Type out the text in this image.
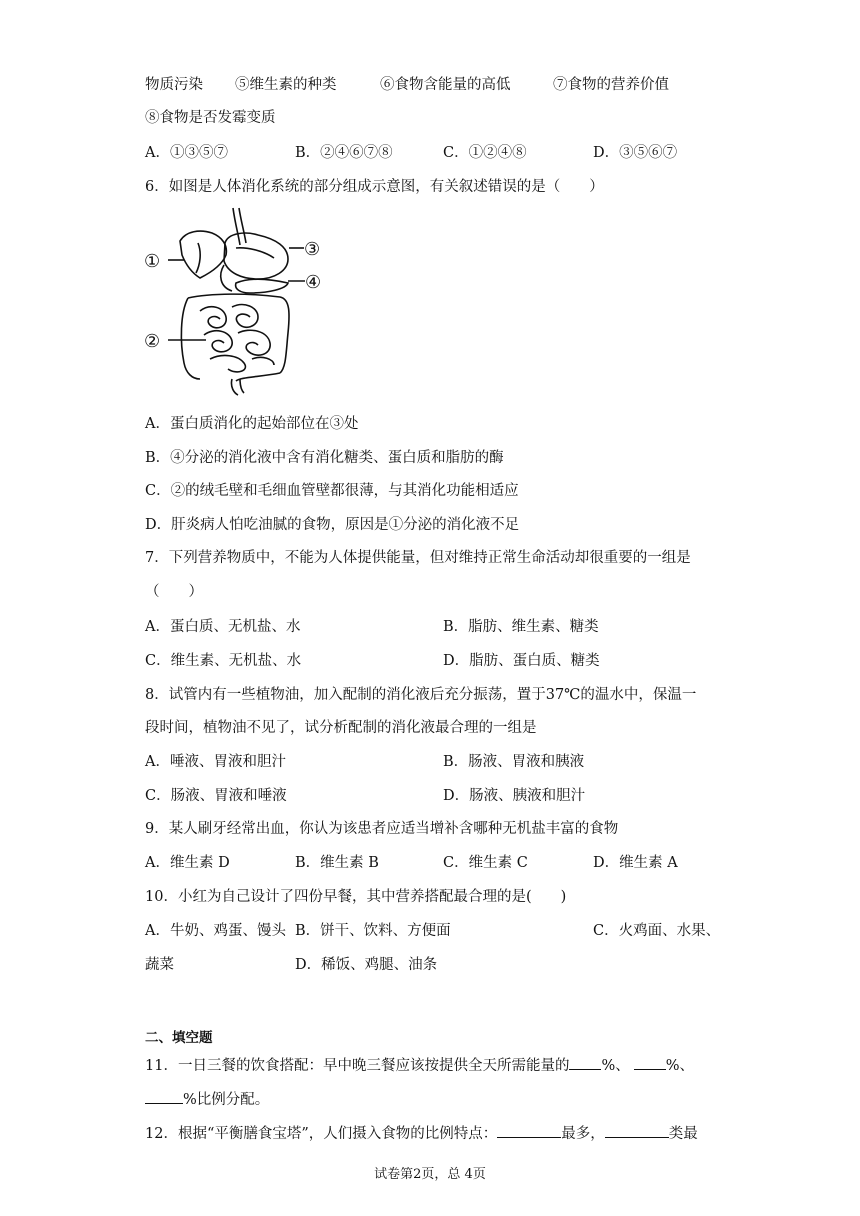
物质污染 ⑤维生素的种类	⑥食物含能量的高低	⑦食物的营养价值
⑧食物是否发霉变质
A．①③⑤⑦	B．②④⑥⑦⑧	C．①②④⑧	D．③⑤⑥⑦
6．如图是人体消化系统的部分组成示意图，有关叙述错误的是（　　）
①
②
③
④
A．蛋白质消化的起始部位在③处
B．④分泌的消化液中含有消化糖类、蛋白质和脂肪的酶
C．②的绒毛壁和毛细血管壁都很薄，与其消化功能相适应
D．肝炎病人怕吃油腻的食物，原因是①分泌的消化液不足
7．下列营养物质中，不能为人体提供能量，但对维持正常生命活动却很重要的一组是
（　　）
A．蛋白质、无机盐、水	B．脂肪、维生素、糖类
C．维生素、无机盐、水	D．脂肪、蛋白质、糖类
8．试管内有一些植物油，加入配制的消化液后充分振荡，置于37℃的温水中，保温一
段时间，植物油不见了，试分析配制的消化液最合理的一组是
A．唾液、胃液和胆汁	B．肠液、胃液和胰液
C．肠液、胃液和唾液	D．肠液、胰液和胆汁
9．某人刷牙经常出血，你认为该患者应适当增补含哪种无机盐丰富的食物
A．维生素 D	B．维生素 B	C．维生素 C	D．维生素 A
10．小红为自己设计了四份早餐，其中营养搭配最合理的是(　　)
A．牛奶、鸡蛋、馒头 B．饼干、饮料、方便面	C．火鸡面、水果、
蔬菜	D．稀饭、鸡腿、油条
二、填空题
11．一日三餐的饮食搭配：早中晚三餐应该按提供全天所需能量的 %、 %、
%比例分配。
12．根据“平衡膳食宝塔”，人们摄入食物的比例特点：	最多，	类最
试卷第2页，总 4页
